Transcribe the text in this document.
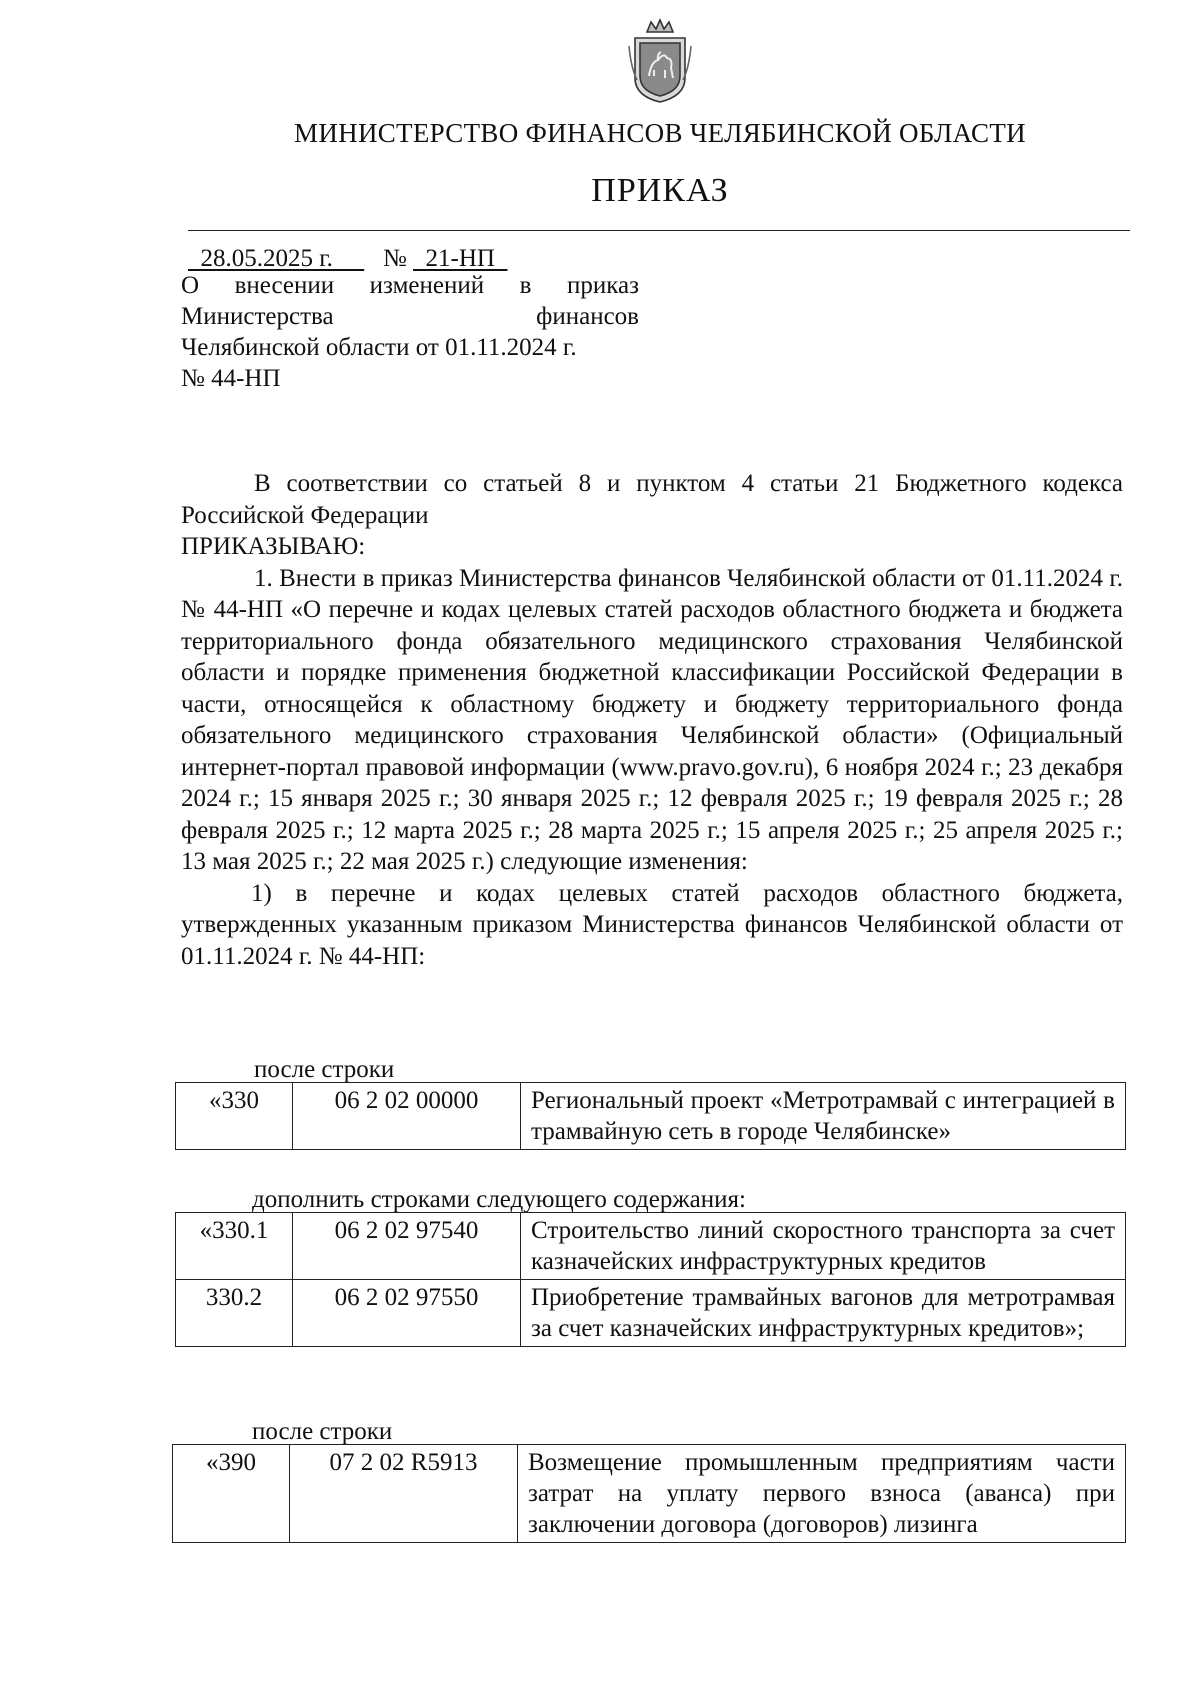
МИНИСТЕРСТВО ФИНАНСОВ ЧЕЛЯБИНСКОЙ ОБЛАСТИ
ПРИКАЗ
28.05.2025 г. № 21-НП
О внесении изменений в приказ
Министерства финансов
Челябинской области от 01.11.2024 г.
№ 44-НП

В соответствии со статьей 8 и пунктом 4 статьи 21 Бюджетного кодекса Российской Федерации

ПРИКАЗЫВАЮ:

1. Внести в приказ Министерства финансов Челябинской области от 01.11.2024 г. № 44-НП «О перечне и кодах целевых статей расходов областного бюджета и бюджета территориального фонда обязательного медицинского страхования Челябинской области и порядке применения бюджетной классификации Российской Федерации в части, относящейся к областному бюджету и бюджету территориального фонда обязательного медицинского страхования Челябинской области» (Официальный интернет-портал правовой информации (www.pravo.gov.ru), 6 ноября 2024 г.; 23 декабря 2024 г.; 15 января 2025 г.; 30 января 2025 г.; 12 февраля 2025 г.; 19 февраля 2025 г.; 28 февраля 2025 г.; 12 марта 2025 г.; 28 марта 2025 г.; 15 апреля 2025 г.; 25 апреля 2025 г.; 13 мая 2025 г.; 22 мая 2025 г.) следующие изменения:

1) в перечне и кодах целевых статей расходов областного бюджета, утвержденных указанным приказом Министерства финансов Челябинской области от 01.11.2024 г. № 44-НП:

после строки
«330	06 2 02 00000	Региональный проект «Метротрамвай с интеграцией в трамвайную сеть в городе Челябинске»
дополнить строками следующего содержания:
«330.1	06 2 02 97540	Строительство линий скоростного транспорта за счет казначейских инфраструктурных кредитов
330.2	06 2 02 97550	Приобретение трамвайных вагонов для метротрамвая за счет казначейских инфраструктурных кредитов»;
после строки
«390	07 2 02 R5913	Возмещение промышленным предприятиям части затрат на уплату первого взноса (аванса) при заключении договора (договоров) лизинга
